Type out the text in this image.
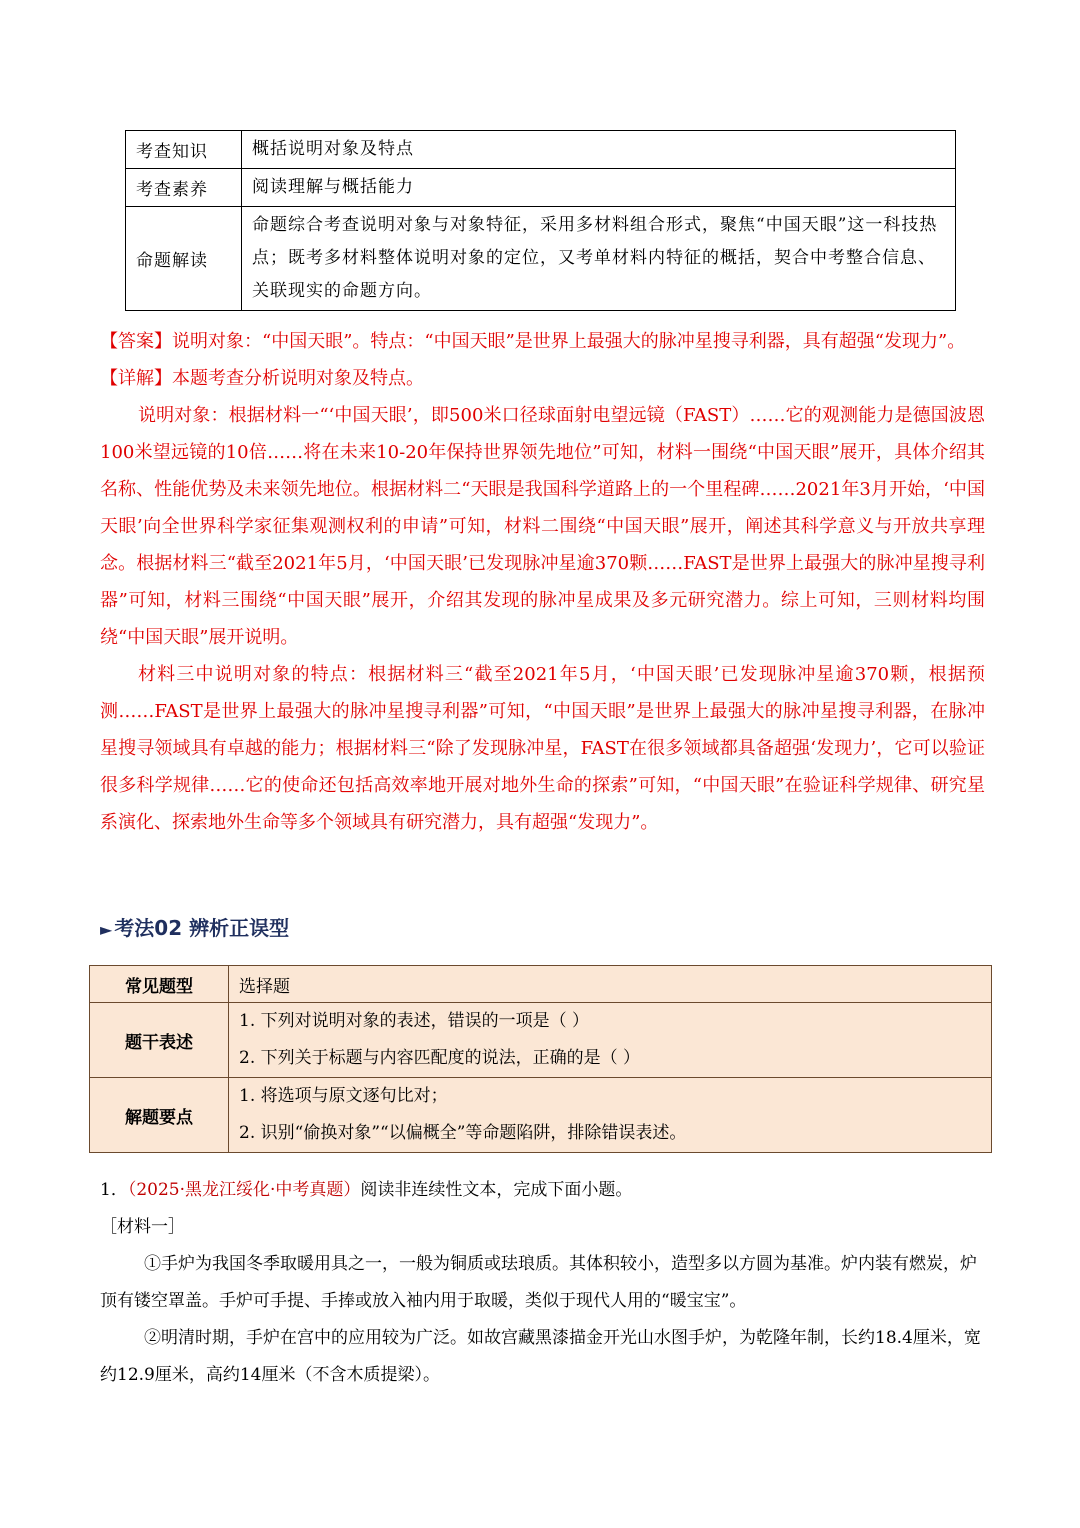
考查知识	概括说明对象及特点
考查素养	阅读理解与概括能力
命题解读	命题综合考查说明对象与对象特征，采用多材料组合形式，聚焦“中国天眼”这一科技热点；既考多材料整体说明对象的定位，又考单材料内特征的概括，契合中考整合信息、关联现实的命题方向。

【答案】说明对象：“中国天眼”。特点：“中国天眼”是世界上最强大的脉冲星搜寻利器，具有超强“发现力”。

【详解】本题考查分析说明对象及特点。

说明对象：根据材料一“‘中国天眼’，即500米口径球面射电望远镜（FAST）……它的观测能力是德国波恩100米望远镜的10倍……将在未来10-20年保持世界领先地位”可知，材料一围绕“中国天眼”展开，具体介绍其名称、性能优势及未来领先地位。根据材料二“天眼是我国科学道路上的一个里程碑……2021年3月开始，‘中国天眼’向全世界科学家征集观测权利的申请”可知，材料二围绕“中国天眼”展开，阐述其科学意义与开放共享理念。根据材料三“截至2021年5月，‘中国天眼’已发现脉冲星逾370颗……FAST是世界上最强大的脉冲星搜寻利器”可知，材料三围绕“中国天眼”展开，介绍其发现的脉冲星成果及多元研究潜力。综上可知，三则材料均围绕“中国天眼”展开说明。

材料三中说明对象的特点：根据材料三“截至2021年5月，‘中国天眼’已发现脉冲星逾370颗，根据预测……FAST是世界上最强大的脉冲星搜寻利器”可知，“中国天眼”是世界上最强大的脉冲星搜寻利器，在脉冲星搜寻领域具有卓越的能力；根据材料三“除了发现脉冲星，FAST在很多领域都具备超强‘发现力’，它可以验证很多科学规律……它的使命还包括高效率地开展对地外生命的探索”可知，“中国天眼”在验证科学规律、研究星系演化、探索地外生命等多个领域具有研究潜力，具有超强“发现力”。

► 考法02 辨析正误型
常见题型	选择题
题干表述	1. 下列对说明对象的表述，错误的一项是（ ）
2. 下列关于标题与内容匹配度的说法，正确的是（ ）

解题要点	1. 将选项与原文逐句比对；
2. 识别“偷换对象”“以偏概全”等命题陷阱，排除错误表述。

1．（2025·黑龙江绥化·中考真题）阅读非连续性文本，完成下面小题。

［材料一］

①手炉为我国冬季取暖用具之一，一般为铜质或珐琅质。其体积较小，造型多以方圆为基准。炉内装有燃炭，炉顶有镂空罩盖。手炉可手提、手捧或放入袖内用于取暖，类似于现代人用的“暖宝宝”。

②明清时期，手炉在宫中的应用较为广泛。如故宫藏黑漆描金开光山水图手炉，为乾隆年制，长约18.4厘米，宽约12.9厘米，高约14厘米（不含木质提梁）。
